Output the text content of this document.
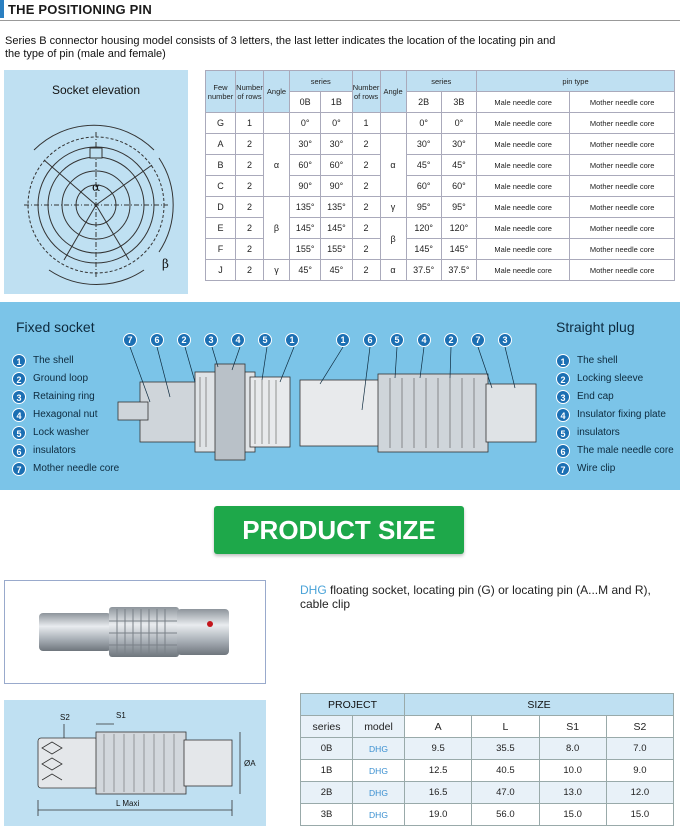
THE POSITIONING PIN
Series B connector housing model consists of 3 letters, the last letter indicates the location of the locating pin and the type of pin (male and female)
Socket elevation
α
β
Few number	Number of rows	Angle	series		Number of rows	Angle	series		pin type	
			0B	1B			2B	3B	Male needle core	Mother needle core
G	1		0°	0°	1		0°	0°	Male needle core	Mother needle core
A	2	α	30°	30°	2	α	30°	30°	Male needle core	Mother needle core
B	2		60°	60°	2		45°	45°	Male needle core	Mother needle core
C	2		90°	90°	2		60°	60°	Male needle core	Mother needle core
D	2	β	135°	135°	2	γ	95°	95°	Male needle core	Mother needle core
E	2		145°	145°	2	β	120°	120°	Male needle core	Mother needle core
F	2		155°	155°	2		145°	145°	Male needle core	Mother needle core
J	2	γ	45°	45°	2	α	37.5°	37.5°	Male needle core	Mother needle core
Fixed socket	Straight plug
1 The shell
2 Ground loop
3 Retaining ring
4 Hexagonal nut
5 Lock washer
6 insulators
7 Mother needle core
1 The shell
2 Locking sleeve
3 End cap
4 Insulator fixing plate
5 insulators
6 The male needle core
7 Wire clip
7	6	2	3	4	5	1	1	6	5	4	2	7	3
PRODUCT SIZE
DHG floating socket, locating pin (G) or locating pin (A...M and R), cable clip
S2	S1
L Maxi
ØA
PROJECT		SIZE			
series	model	A	L	S1	S2
0B	DHG	9.5	35.5	8.0	7.0
1B	DHG	12.5	40.5	10.0	9.0
2B	DHG	16.5	47.0	13.0	12.0
3B	DHG	19.0	56.0	15.0	15.0
